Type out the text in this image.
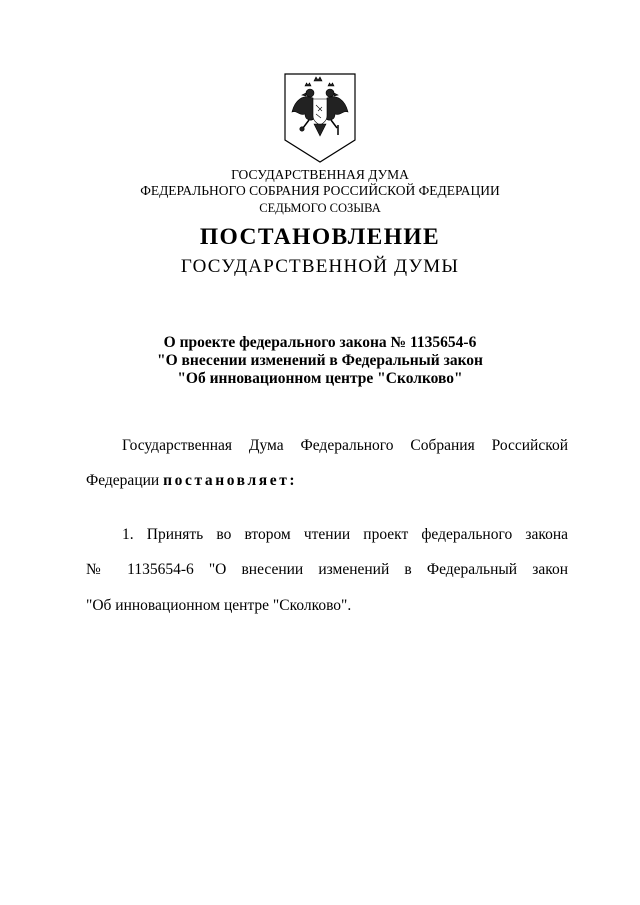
ГОСУДАРСТВЕННАЯ ДУМА
ФЕДЕРАЛЬНОГО СОБРАНИЯ РОССИЙСКОЙ ФЕДЕРАЦИИ
СЕДЬМОГО СОЗЫВА
ПОСТАНОВЛЕНИЕ
ГОСУДАРСТВЕННОЙ ДУМЫ
О проекте федерального закона № 1135654-6
"О внесении изменений в Федеральный закон
"Об инновационном центре "Сколково"
Государственная Дума Федерального Собрания Российской
Федерации постановляет:
1. Принять во втором чтении проект федерального закона
№ 1135654-6 "О внесении изменений в Федеральный закон
"Об инновационном центре "Сколково".
